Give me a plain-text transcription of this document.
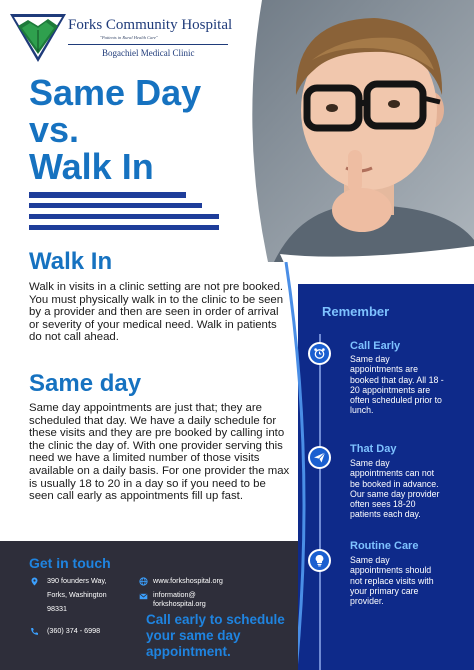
Forks Community Hospital
"Patients in Rural Health Care"
Bogachiel Medical Clinic
Same Day
vs.
Walk In
Walk In
Walk in visits in a clinic setting are not pre booked. You must physically walk in to the clinic to be seen by a provider and then are seen in order of arrival or severity of your medical need. Walk in patients do not call ahead.
Same day
Same day appointments are just that; they are scheduled that day. We have a daily schedule for these visits and they are pre booked by calling into the clinic the day of. With one provider serving this need we have a limited number of those visits available on a daily basis. For one provider the max is usually 18 to 20 in a day so if you need to be seen call early as appointments fill up fast.
Remember
Call Early
Same day appointments are booked that day. All 18 - 20 appointments are often scheduled prior to lunch.
That Day
Same day appointments can not be booked in advance. Our same day provider often sees 18-20 patients each day.
Routine Care
Same day appointments should not replace visits with your primary care provider.
Get in touch
390 founders Way,
Forks, Washington
98331
(360) 374 - 6998
www.forkshospital.org
information@
forkshospital.org
Call early to schedule your same day appointment.
